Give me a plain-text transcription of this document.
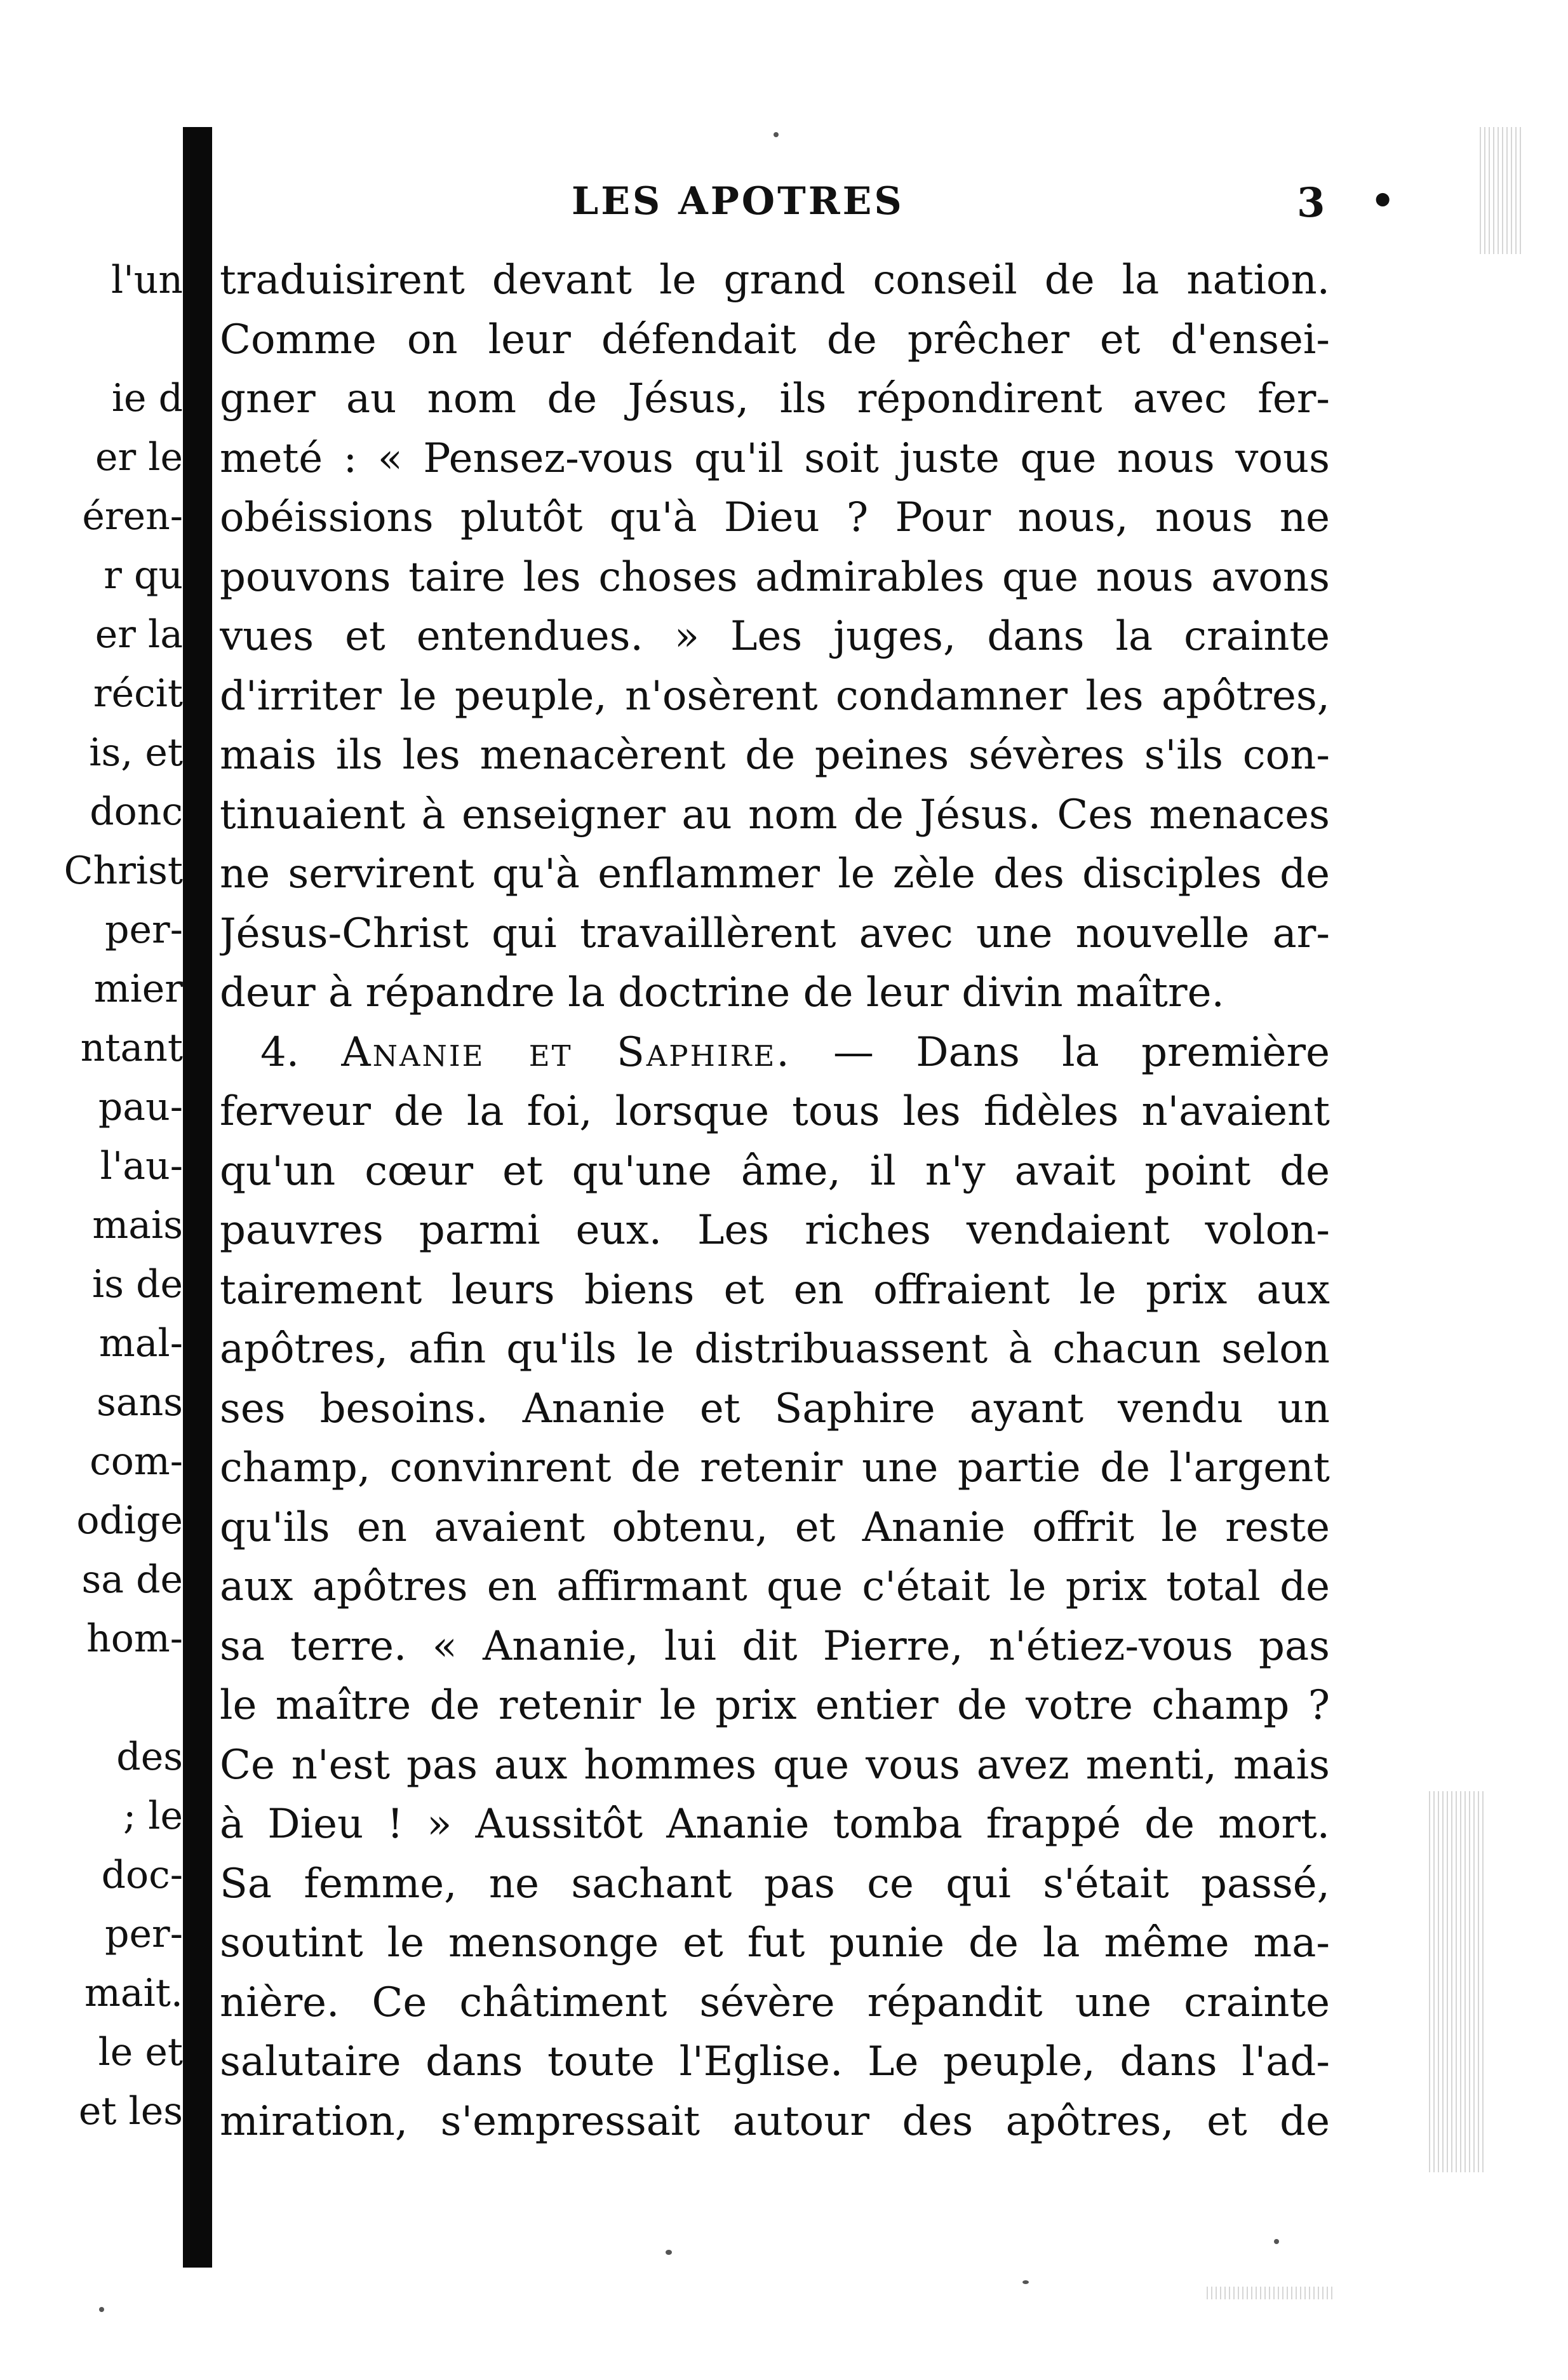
LES APOTRES	3 •
l'un
ie d
er le
éren-
r qu
er la
récit
is, et
donc
Christ
per-
mier
ntant
pau-
l'au-
mais
is de
mal-
sans
com-
odige
sa de
hom-
des
; le
doc-
per-
mait.
le et
et les
traduisirent devant le grand conseil de la nation.
Comme on leur défendait de prêcher et d'ensei-
gner au nom de Jésus, ils répondirent avec fer-
meté : « Pensez-vous qu'il soit juste que nous vous
obéissions plutôt qu'à Dieu ? Pour nous, nous ne
pouvons taire les choses admirables que nous avons
vues et entendues. » Les juges, dans la crainte
d'irriter le peuple, n'osèrent condamner les apôtres,
mais ils les menacèrent de peines sévères s'ils con-
tinuaient à enseigner au nom de Jésus. Ces menaces
ne servirent qu'à enflammer le zèle des disciples de
Jésus-Christ qui travaillèrent avec une nouvelle ar-
deur à répandre la doctrine de leur divin maître.
4. Ananie et Saphire. — Dans la première
ferveur de la foi, lorsque tous les fidèles n'avaient
qu'un cœur et qu'une âme, il n'y avait point de
pauvres parmi eux. Les riches vendaient volon-
tairement leurs biens et en offraient le prix aux
apôtres, afin qu'ils le distribuassent à chacun selon
ses besoins. Ananie et Saphire ayant vendu un
champ, convinrent de retenir une partie de l'argent
qu'ils en avaient obtenu, et Ananie offrit le reste
aux apôtres en affirmant que c'était le prix total de
sa terre. « Ananie, lui dit Pierre, n'étiez-vous pas
le maître de retenir le prix entier de votre champ ?
Ce n'est pas aux hommes que vous avez menti, mais
à Dieu ! » Aussitôt Ananie tomba frappé de mort.
Sa femme, ne sachant pas ce qui s'était passé,
soutint le mensonge et fut punie de la même ma-
nière. Ce châtiment sévère répandit une crainte
salutaire dans toute l'Eglise. Le peuple, dans l'ad-
miration, s'empressait autour des apôtres, et de
